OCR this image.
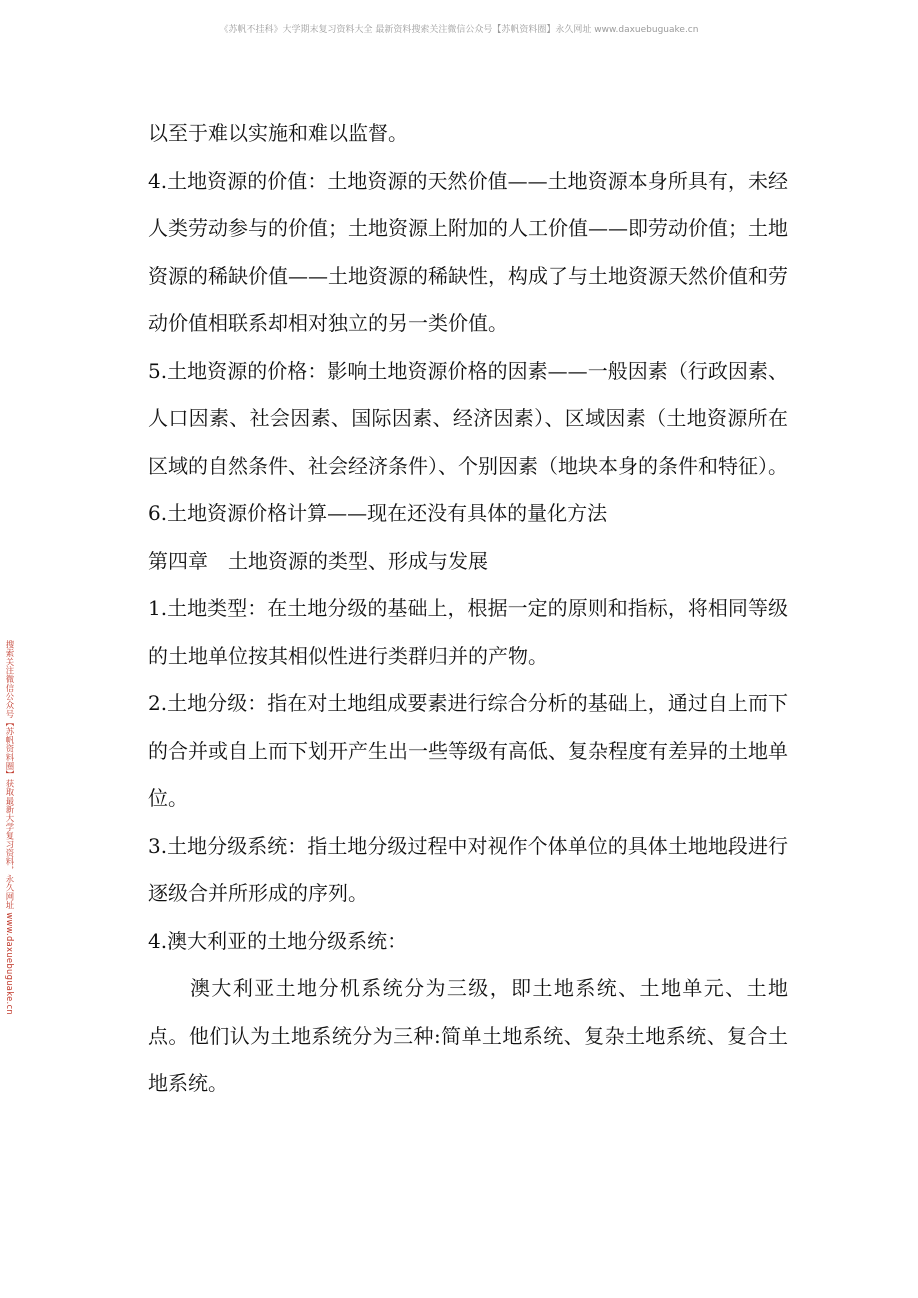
《苏帆不挂科》大学期末复习资料大全 最新资料搜索关注微信公众号【苏帆资料圈】永久网址 www.daxuebuguake.cn
搜索关注微信公众号【苏帆资料圈】获取最新大学复习资料，永久网址 www.daxuebuguake.cn

以至于难以实施和难以监督。

4.土地资源的价值：土地资源的天然价值——土地资源本身所具有，未经人类劳动参与的价值；土地资源上附加的人工价值——即劳动价值；土地资源的稀缺价值——土地资源的稀缺性，构成了与土地资源天然价值和劳动价值相联系却相对独立的另一类价值。

5.土地资源的价格：影响土地资源价格的因素——一般因素（行政因素、人口因素、社会因素、国际因素、经济因素）、区域因素（土地资源所在区域的自然条件、社会经济条件）、个别因素（地块本身的条件和特征）。

6.土地资源价格计算——现在还没有具体的量化方法

第四章　土地资源的类型、形成与发展

1.土地类型：在土地分级的基础上，根据一定的原则和指标，将相同等级的土地单位按其相似性进行类群归并的产物。

2.土地分级：指在对土地组成要素进行综合分析的基础上，通过自上而下的合并或自上而下划开产生出一些等级有高低、复杂程度有差异的土地单位。

3.土地分级系统：指土地分级过程中对视作个体单位的具体土地地段进行逐级合并所形成的序列。

4.澳大利亚的土地分级系统：

澳大利亚土地分机系统分为三级，即土地系统、土地单元、土地点。他们认为土地系统分为三种:简单土地系统、复杂土地系统、复合土地系统。
